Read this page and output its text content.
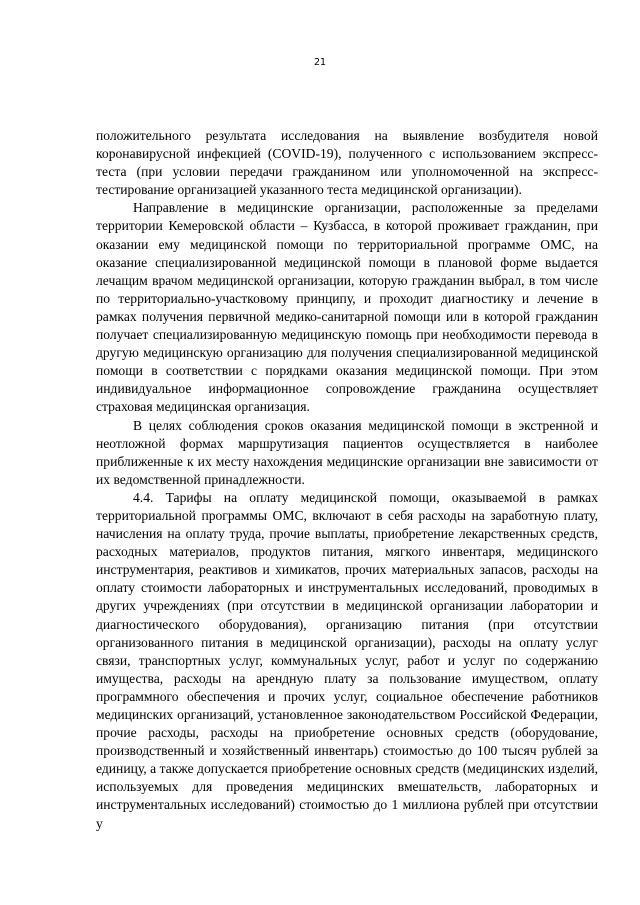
21

положительного результата исследования на выявление возбудителя новой коронавирусной инфекцией (COVID-19), полученного с использованием экспресс-теста (при условии передачи гражданином или уполномоченной на экспресс-тестирование организацией указанного теста медицинской организации).

Направление в медицинские организации, расположенные за пределами территории Кемеровской области – Кузбасса, в которой проживает гражданин, при оказании ему медицинской помощи по территориальной программе ОМС, на оказание специализированной медицинской помощи в плановой форме выдается лечащим врачом медицинской организации, которую гражданин выбрал, в том числе по территориально-участковому принципу, и проходит диагностику и лечение в рамках получения первичной медико-санитарной помощи или в которой гражданин получает специализированную медицинскую помощь при необходимости перевода в другую медицинскую организацию для получения специализированной медицинской помощи в соответствии с порядками оказания медицинской помощи. При этом индивидуальное информационное сопровождение гражданина осуществляет страховая медицинская организация.

В целях соблюдения сроков оказания медицинской помощи в экстренной и неотложной формах маршрутизация пациентов осуществляется в наиболее приближенные к их месту нахождения медицинские организации вне зависимости от их ведомственной принадлежности.

4.4. Тарифы на оплату медицинской помощи, оказываемой в рамках территориальной программы ОМС, включают в себя расходы на заработную плату, начисления на оплату труда, прочие выплаты, приобретение лекарственных средств, расходных материалов, продуктов питания, мягкого инвентаря, медицинского инструментария, реактивов и химикатов, прочих материальных запасов, расходы на оплату стоимости лабораторных и инструментальных исследований, проводимых в других учреждениях (при отсутствии в медицинской организации лаборатории и диагностического оборудования), организацию питания (при отсутствии организованного питания в медицинской организации), расходы на оплату услуг связи, транспортных услуг, коммунальных услуг, работ и услуг по содержанию имущества, расходы на арендную плату за пользование имуществом, оплату программного обеспечения и прочих услуг, социальное обеспечение работников медицинских организаций, установленное законодательством Российской Федерации, прочие расходы, расходы на приобретение основных средств (оборудование, производственный и хозяйственный инвентарь) стоимостью до 100 тысяч рублей за единицу, а также допускается приобретение основных средств (медицинских изделий, используемых для проведения медицинских вмешательств, лабораторных и инструментальных исследований) стоимостью до 1 миллиона рублей при отсутствии у
